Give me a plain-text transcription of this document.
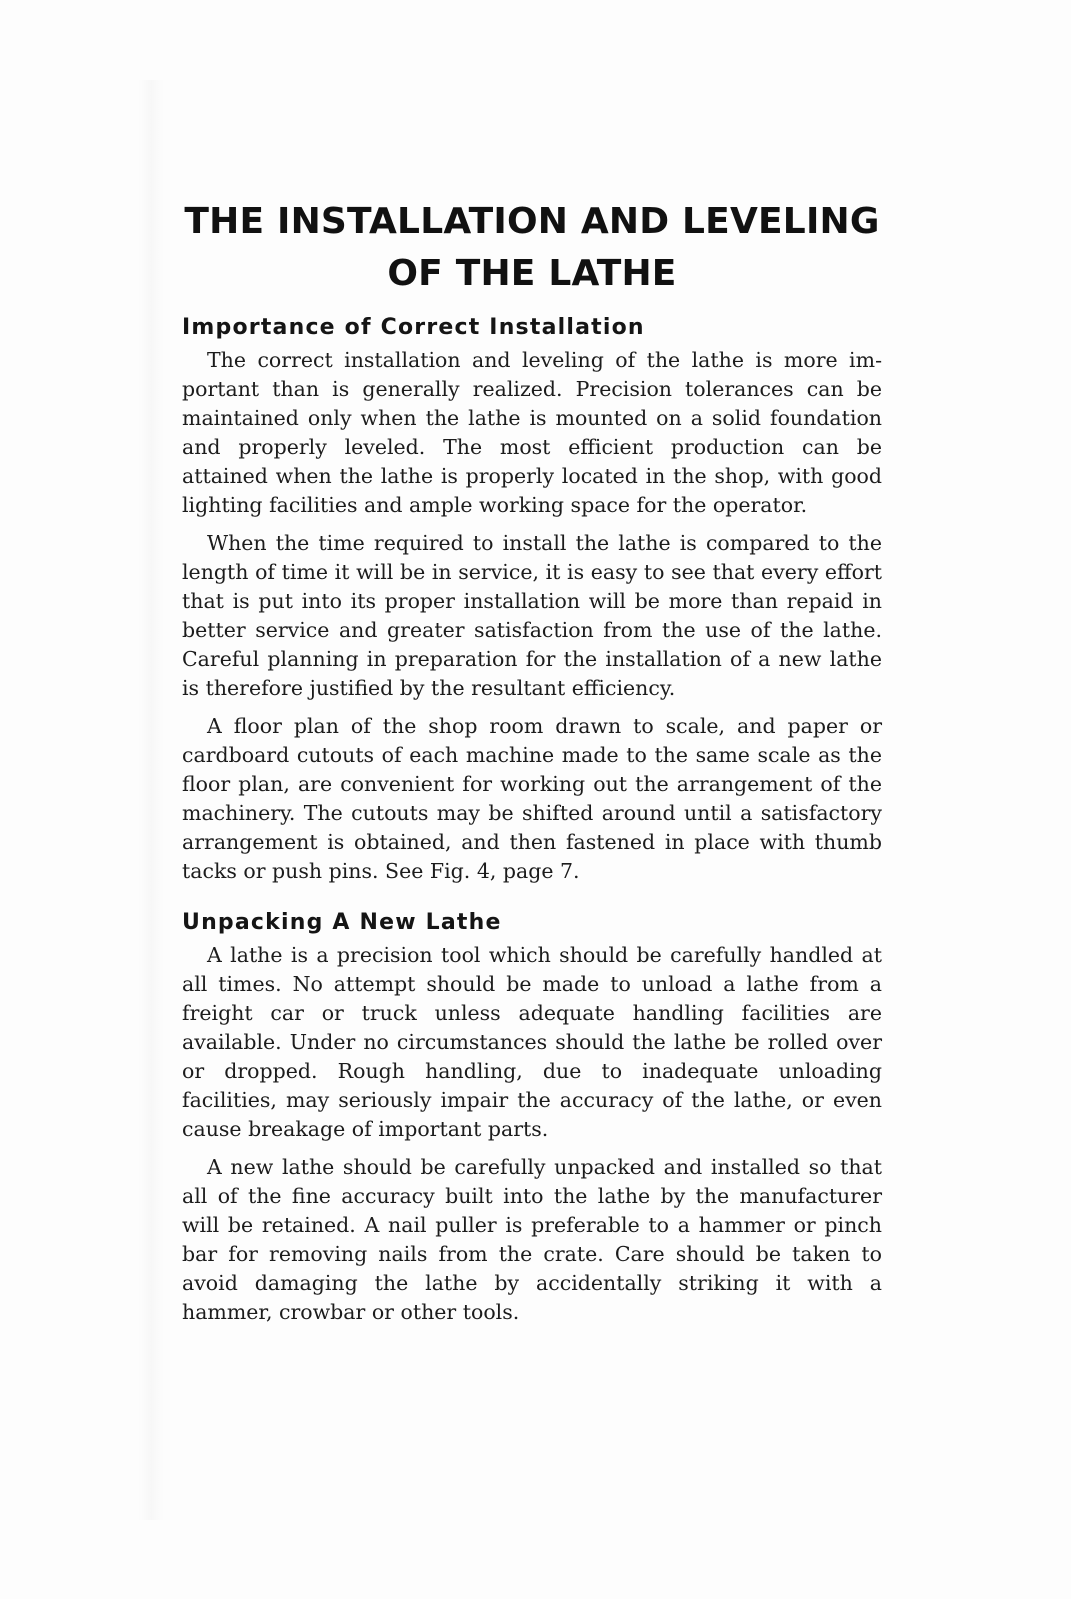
THE INSTALLATION AND LEVELING
OF THE LATHE
Importance of Correct Installation

The correct installation and leveling of the lathe is more important than is generally realized. Precision tolerances can be maintained only when the lathe is mounted on a solid foundation and properly leveled. The most efficient production can be attained when the lathe is properly located in the shop, with good lighting facilities and ample working space for the operator.

When the time required to install the lathe is compared to the length of time it will be in service, it is easy to see that every effort that is put into its proper installation will be more than repaid in better service and greater satisfaction from the use of the lathe. Careful planning in preparation for the installation of a new lathe is therefore justified by the resultant efficiency.

A floor plan of the shop room drawn to scale, and paper or cardboard cutouts of each machine made to the same scale as the floor plan, are convenient for working out the arrangement of the machinery. The cutouts may be shifted around until a satisfactory arrangement is obtained, and then fastened in place with thumb tacks or push pins. See Fig. 4, page 7.

Unpacking A New Lathe

A lathe is a precision tool which should be carefully handled at all times. No attempt should be made to unload a lathe from a freight car or truck unless adequate handling facilities are available. Under no circumstances should the lathe be rolled over or dropped. Rough handling, due to inadequate unloading facilities, may seriously impair the accuracy of the lathe, or even cause breakage of important parts.

A new lathe should be carefully unpacked and installed so that all of the fine accuracy built into the lathe by the manufacturer will be retained. A nail puller is preferable to a hammer or pinch bar for removing nails from the crate. Care should be taken to avoid damaging the lathe by accidentally striking it with a hammer, crowbar or other tools.
